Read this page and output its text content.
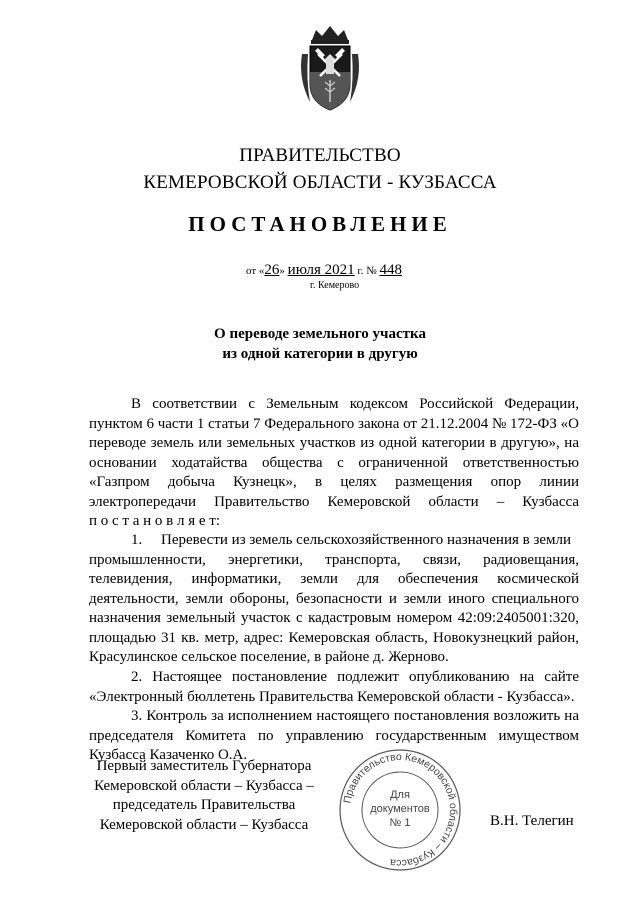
ПРАВИТЕЛЬСТВО
КЕМЕРОВСКОЙ ОБЛАСТИ - КУЗБАССА
ПОСТАНОВЛЕНИЕ
от «26» июля 2021 г. № 448
г. Кемерово
О переводе земельного участка
из одной категории в другую
В соответствии с Земельным кодексом Российской Федерации,
пунктом 6 части 1 статьи 7 Федерального закона от 21.12.2004 № 172-ФЗ «О
переводе земель или земельных участков из одной категории в другую», на
основании ходатайства общества с ограниченной ответственностью
«Газпром добыча Кузнецк», в целях размещения опор линии
электропередачи Правительство Кемеровской области – Кузбасса
п о с т а н о в л я е т:
1.     Перевести из земель сельскохозяйственного назначения в земли
промышленности, энергетики, транспорта, связи, радиовещания,
телевидения, информатики, земли для обеспечения космической
деятельности, земли обороны, безопасности и земли иного специального
назначения земельный участок с кадастровым номером 42:09:2405001:320,
площадью 31 кв. метр, адрес: Кемеровская область, Новокузнецкий район,
Красулинское сельское поселение, в районе д. Жерново.
2. Настоящее постановление подлежит опубликованию на сайте
«Электронный бюллетень Правительства Кемеровской области - Кузбасса».
3. Контроль за исполнением настоящего постановления возложить на
председателя Комитета по управлению государственным имуществом
Кузбасса Казаченко О.А.
Первый заместитель Губернатора
Кемеровской области – Кузбасса –
председатель Правительства
Кемеровской области – Кузбасса
Правительство Кемеровской области – Кузбасса
Для
документов
№ 1	В.Н. Телегин
